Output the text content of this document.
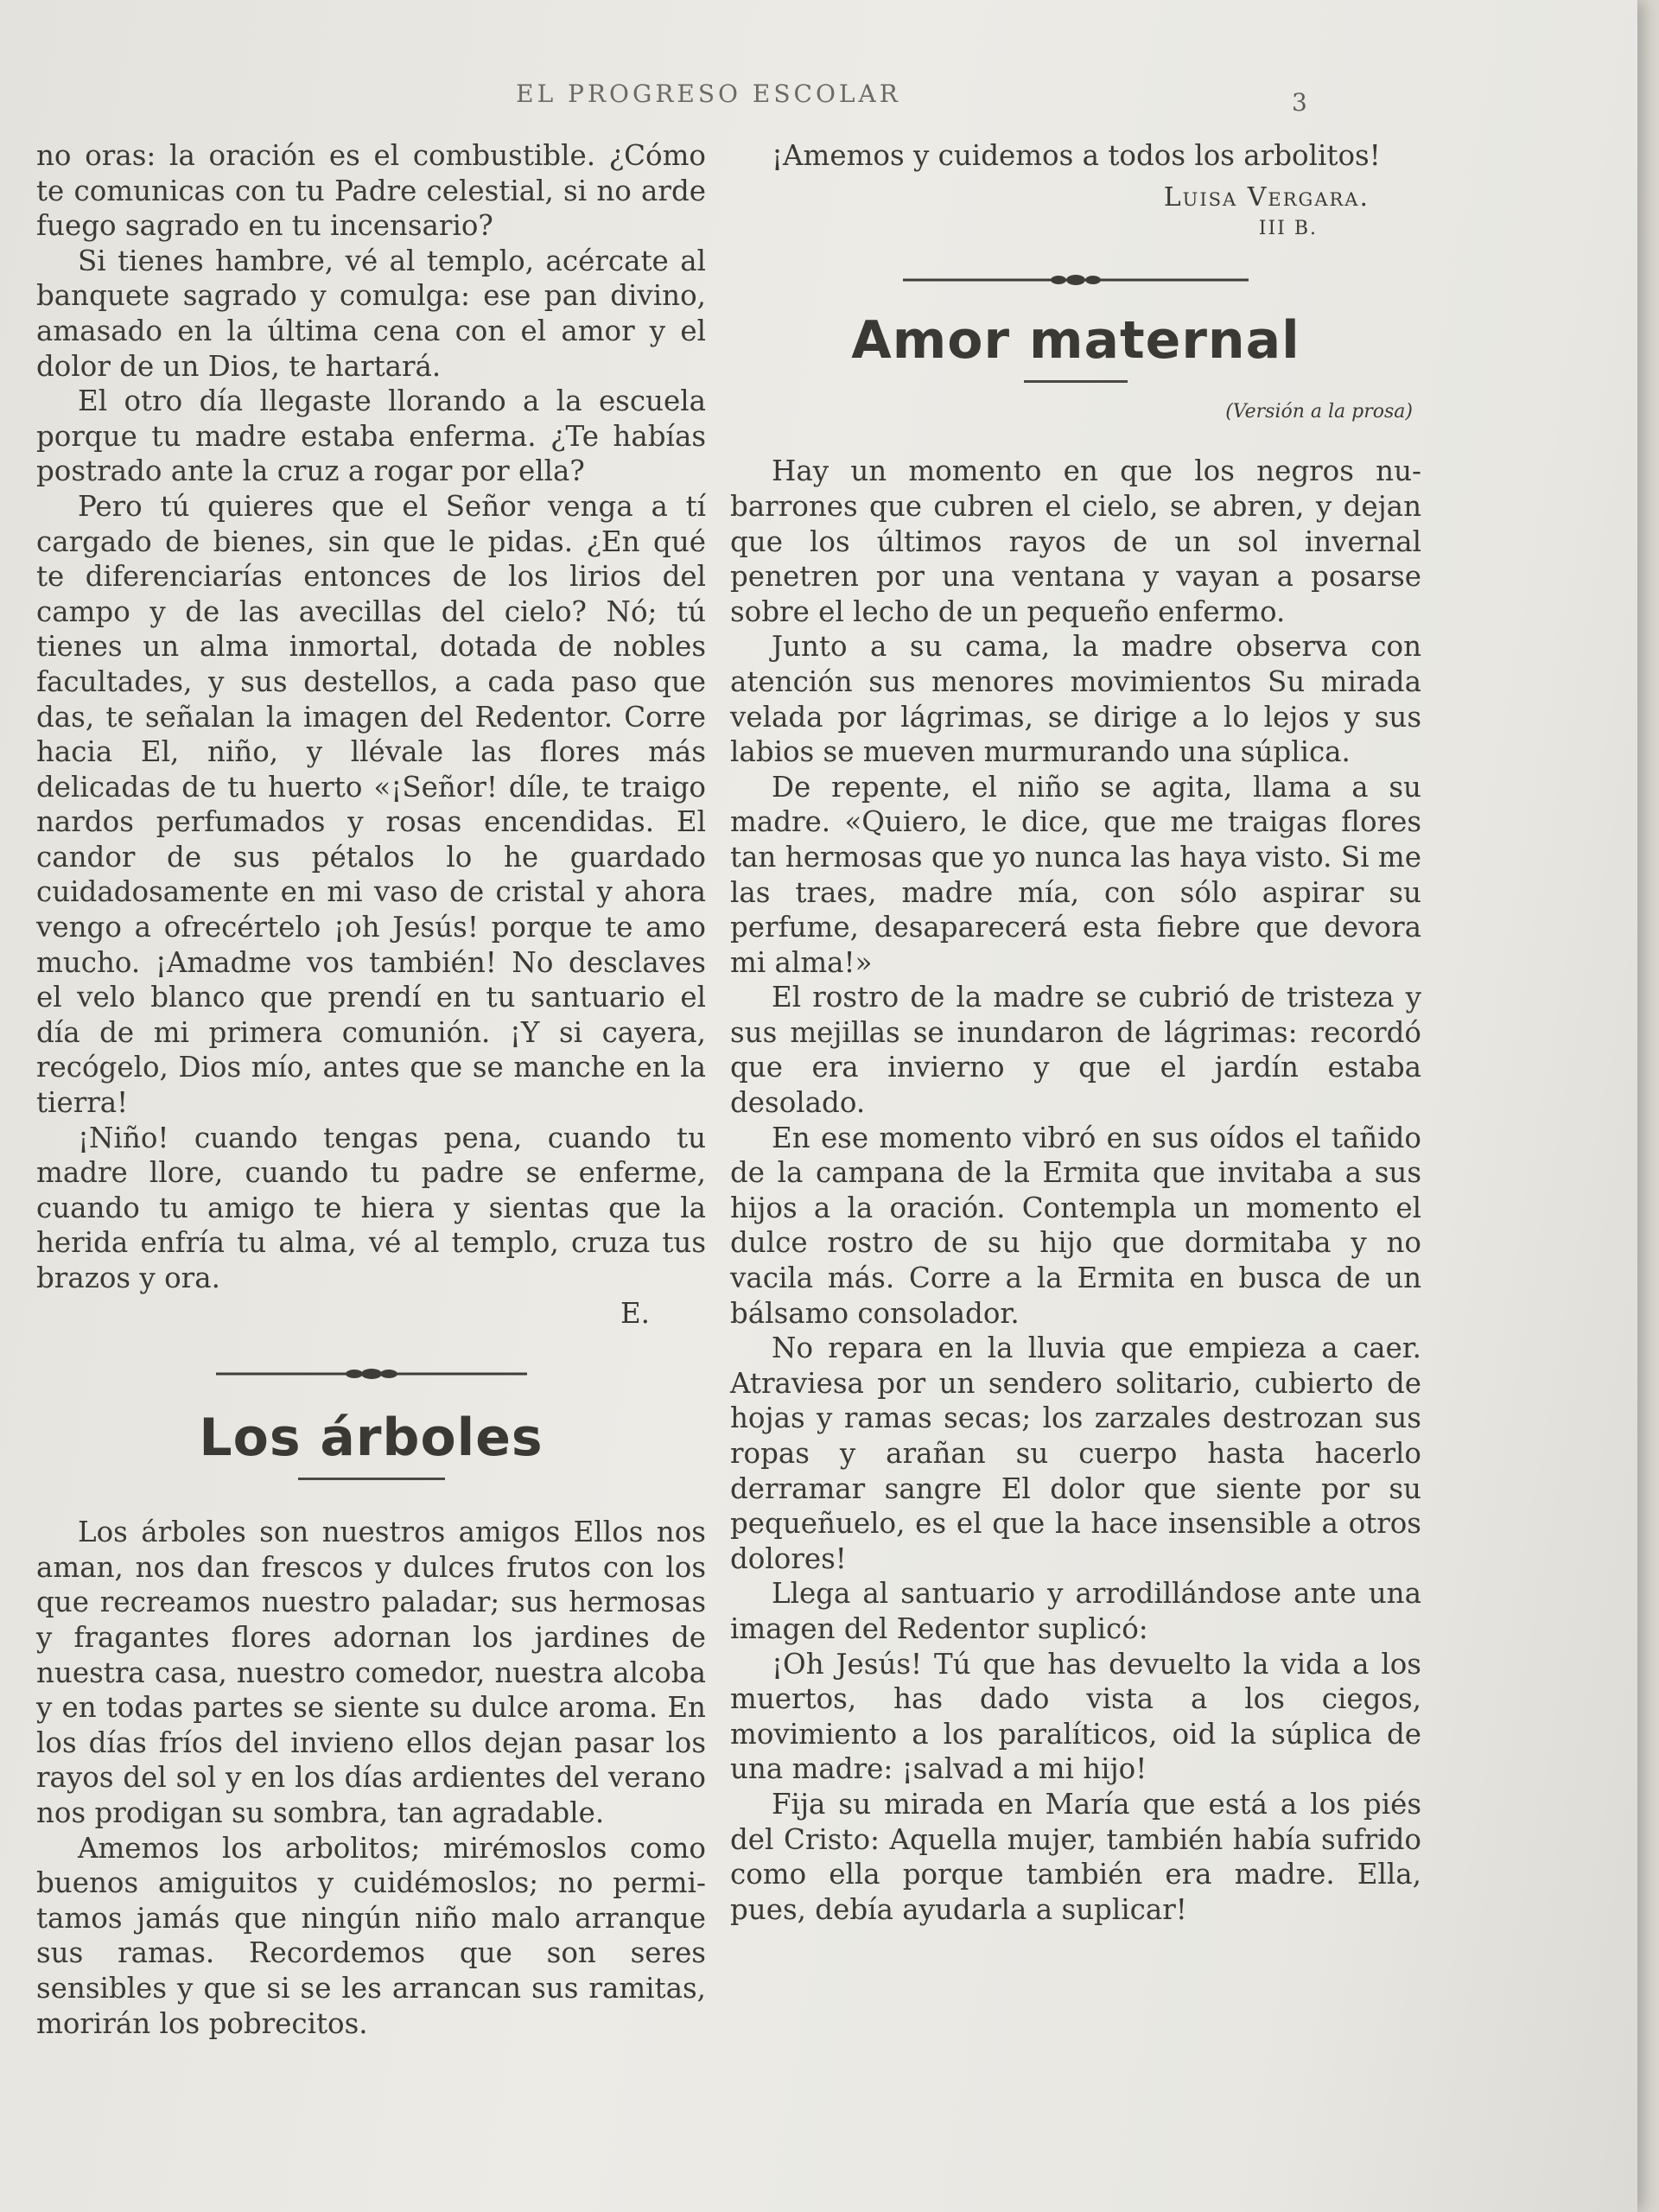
EL PROGRESO ESCOLAR	3

no oras: la oración es el combustible. ¿Cómo te comunicas con tu Padre celestial, si no arde fuego sagrado en tu incensario?

Si tienes hambre, vé al templo, acércate al banquete sagrado y comulga: ese pan divino, amasado en la última cena con el amor y el dolor de un Dios, te hartará.

El otro día llegaste llorando a la escuela porque tu madre estaba enferma. ¿Te habías postrado ante la cruz a rogar por ella?

Pero tú quieres que el Señor venga a tí cargado de bienes, sin que le pidas. ¿En qué te diferenciarías entonces de los lirios del campo y de las avecillas del cielo? Nó; tú tienes un alma inmortal, dotada de nobles facultades, y sus destellos, a cada paso que das, te señalan la imagen del Redentor. Corre hacia El, niño, y llévale las flores más delicadas de tu huerto «¡Señor! díle, te traigo nardos perfumados y rosas encendidas. El candor de sus pétalos lo he guardado cuidadosamente en mi vaso de cristal y ahora vengo a ofrecértelo ¡oh Jesús! porque te amo mucho. ¡Amadme vos también! No desclaves el velo blanco que prendí en tu santuario el día de mi primera comunión. ¡Y si cayera, recógelo, Dios mío, antes que se manche en la tierra!

¡Niño! cuando tengas pena, cuando tu madre llore, cuando tu padre se enferme, cuando tu amigo te hiera y sientas que la herida enfría tu alma, vé al templo, cruza tus brazos y ora.

E.
Los árboles

Los árboles son nuestros amigos Ellos nos aman, nos dan frescos y dulces frutos con los que recreamos nuestro paladar; sus hermosas y fragantes flores adornan los jardines de nuestra casa, nuestro comedor, nuestra alcoba y en todas partes se siente su dulce aroma. En los días fríos del invieno ellos dejan pasar los rayos del sol y en los días ardientes del verano nos prodigan su sombra, tan agradable.

Amemos los arbolitos; mirémoslos como buenos amiguitos y cuidémoslos; no permitamos jamás que ningún niño malo arranque sus ramas. Recordemos que son seres sensibles y que si se les arrancan sus ramitas, morirán los pobrecitos.

¡Amemos y cuidemos a todos los arbolitos!

Luisa Vergara.
III B.
Amor maternal
(Versión a la prosa)

Hay un momento en que los negros nubarrones que cubren el cielo, se abren, y dejan que los últimos rayos de un sol invernal penetren por una ventana y vayan a posarse sobre el lecho de un pequeño enfermo.

Junto a su cama, la madre observa con atención sus menores movimientos Su mirada velada por lágrimas, se dirige a lo lejos y sus labios se mueven murmurando una súplica.

De repente, el niño se agita, llama a su madre. «Quiero, le dice, que me traigas flores tan hermosas que yo nunca las haya visto. Si me las traes, madre mía, con sólo aspirar su perfume, desaparecerá esta fiebre que devora mi alma!»

El rostro de la madre se cubrió de tristeza y sus mejillas se inundaron de lágrimas: recordó que era invierno y que el jardín estaba desolado.

En ese momento vibró en sus oídos el tañido de la campana de la Ermita que invitaba a sus hijos a la oración. Contempla un momento el dulce rostro de su hijo que dormitaba y no vacila más. Corre a la Ermita en busca de un bálsamo consolador.

No repara en la lluvia que empieza a caer. Atraviesa por un sendero solitario, cubierto de hojas y ramas secas; los zarzales destrozan sus ropas y arañan su cuerpo hasta hacerlo derramar sangre El dolor que siente por su pequeñuelo, es el que la hace insensible a otros dolores!

Llega al santuario y arrodillándose ante una imagen del Redentor suplicó:

¡Oh Jesús! Tú que has devuelto la vida a los muertos, has dado vista a los ciegos, movimiento a los paralíticos, oid la súplica de una madre: ¡salvad a mi hijo!

Fija su mirada en María que está a los piés del Cristo: Aquella mujer, también había sufrido como ella porque también era madre. Ella, pues, debía ayudarla a suplicar!
